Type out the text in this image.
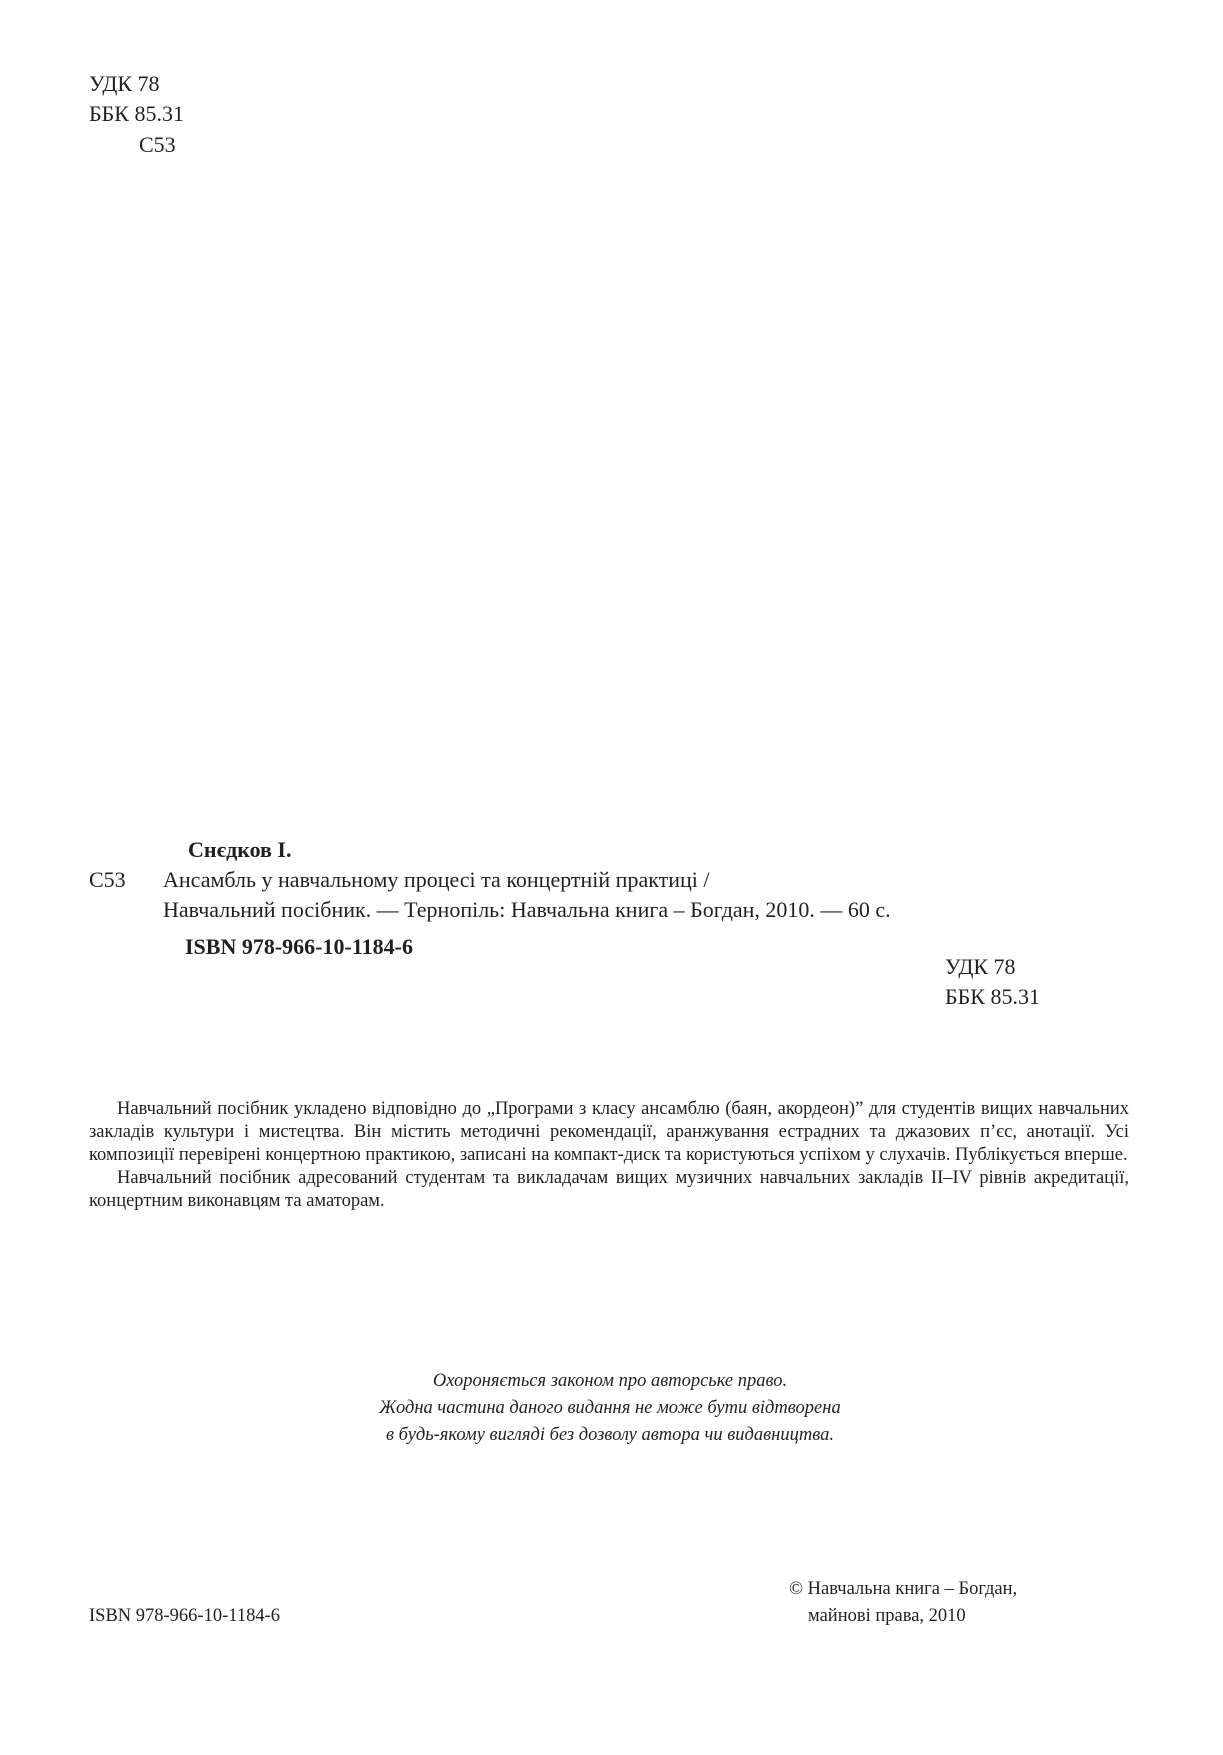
УДК 78
ББК 85.31
С53
Снєдков І.
С53 Ансамбль у навчальному процесі та концертній практиці /
Навчальний посібник. — Тернопіль: Навчальна книга – Богдан, 2010. — 60 с.
ISBN 978-966-10-1184-6
УДК 78
ББК 85.31

Навчальний посібник укладено відповідно до „Програми з класу ансамблю (баян, акордеон)” для студентів вищих навчальних закладів культури і мистецтва. Він містить методичні рекомендації, аранжування естрадних та джазових п’єс, анотації. Усі композиції перевірені концертною практикою, записані на компакт-диск та користуються успіхом у слухачів. Публікується вперше.

Навчальний посібник адресований студентам та викладачам вищих музичних навчальних закладів ІІ–IV рівнів акредитації, концертним виконавцям та аматорам.

Охороняється законом про авторське право.
Жодна частина даного видання не може бути відтворена
в будь-якому вигляді без дозволу автора чи видавництва.
© Навчальна книга – Богдан,
ISBN 978-966-10-1184-6	майнові права, 2010
